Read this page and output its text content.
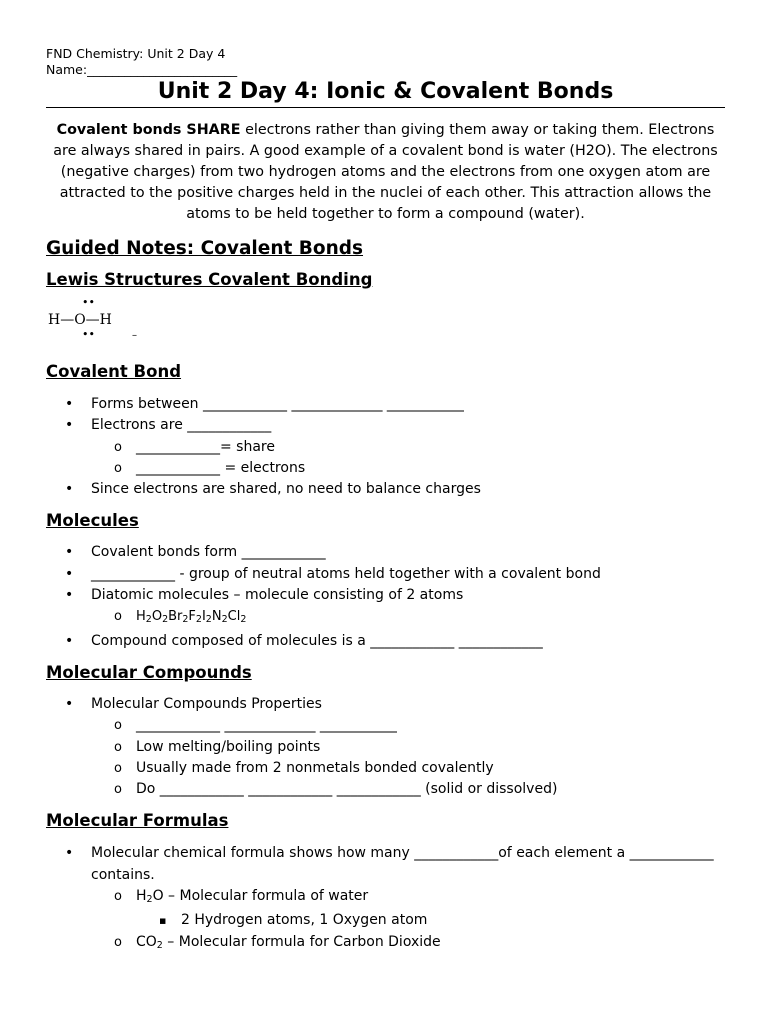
FND Chemistry: Unit 2 Day 4
Name:________________________
Unit 2 Day 4: Ionic & Covalent Bonds
Covalent bonds SHARE electrons rather than giving them away or taking them. Electrons are always shared in pairs. A good example of a covalent bond is water (H2O). The electrons (negative charges) from two hydrogen atoms and the electrons from one oxygen atom are attracted to the positive charges held in the nuclei of each other. This attraction allows the atoms to be held together to form a compound (water).
Guided Notes: Covalent Bonds
Lewis Structures Covalent Bonding
••
H—O—H
••	–
Covalent Bond
• Forms between ____________ _____________ ___________
• Electrons are ____________
o ____________= share
o ____________ = electrons
• Since electrons are shared, no need to balance charges
Molecules
• Covalent bonds form ____________
• ____________ - group of neutral atoms held together with a covalent bond
• Diatomic molecules – molecule consisting of 2 atoms
o $H_2O_2Br_2F_2I_2N_2Cl_2$
• Compound composed of molecules is a ____________ ____________
Molecular Compounds
• Molecular Compounds Properties
o ____________ _____________ ___________
o Low melting/boiling points
o Usually made from 2 nonmetals bonded covalently
o Do ____________ ____________ ____________ (solid or dissolved)
Molecular Formulas
• Molecular chemical formula shows how many ____________of each element a ____________ contains.
o $H_2O$ – Molecular formula of water
▪ 2 Hydrogen atoms, 1 Oxygen atom
o $CO_2$ – Molecular formula for Carbon Dioxide
